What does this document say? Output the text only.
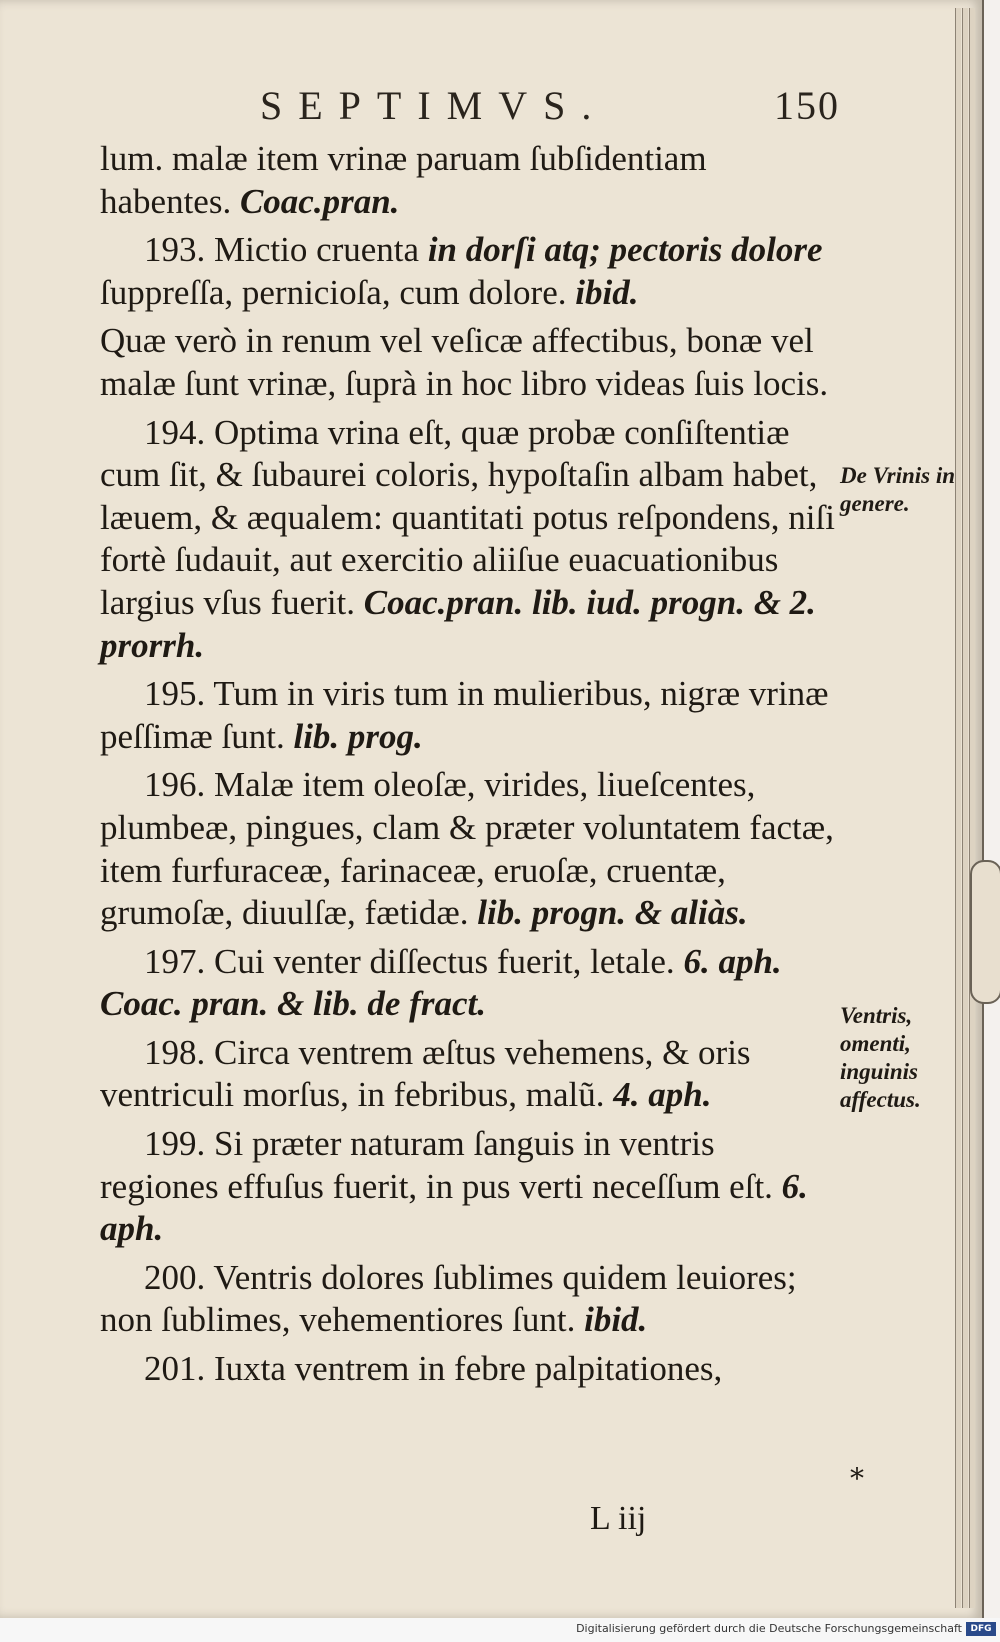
SEPTIMVS.	150

lum. malæ item vrinæ paruam ſubſidentiam habentes. Coac.pran.

193. Mictio cruenta in dorſi atq; pectoris dolore ſuppreſſa, pernicioſa, cum dolore. ibid.

Quæ verò in renum vel veſicæ affectibus, bonæ vel malæ ſunt vrinæ, ſuprà in hoc libro videas ſuis locis.

194. Optima vrina eſt, quæ probæ conſiſtentiæ cum ſit, & ſubaurei coloris, hypoſtaſin albam habet, læuem, & æqualem: quantitati potus reſpondens, niſi fortè ſudauit, aut exercitio aliiſue euacuationibus largius vſus fuerit. Coac.pran. lib. iud. progn. & 2. prorrh.

195. Tum in viris tum in mulieribus, nigræ vrinæ peſſimæ ſunt. lib. prog.

196. Malæ item oleoſæ, virides, liueſcentes, plumbeæ, pingues, clam & præter voluntatem factæ, item furfuraceæ, farinaceæ, eruoſæ, cruentæ, grumoſæ, diuulſæ, fætidæ. lib. progn. & aliàs.

197. Cui venter diſſectus fuerit, letale. 6. aph. Coac. pran. & lib. de fract.

198. Circa ventrem æſtus vehemens, & oris ventriculi morſus, in febribus, malũ. 4. aph.

199. Si præter naturam ſanguis in ventris regiones effuſus fuerit, in pus verti neceſſum eſt. 6. aph.

200. Ventris dolores ſublimes quidem leuiores; non ſublimes, vehementiores ſunt. ibid.

201. Iuxta ventrem in febre palpitationes,

De Vrinis in genere.
Ventris, omenti, inguinis affectus.
*
L iij
Digitalisierung gefördert durch die Deutsche Forschungsgemeinschaft DFG
